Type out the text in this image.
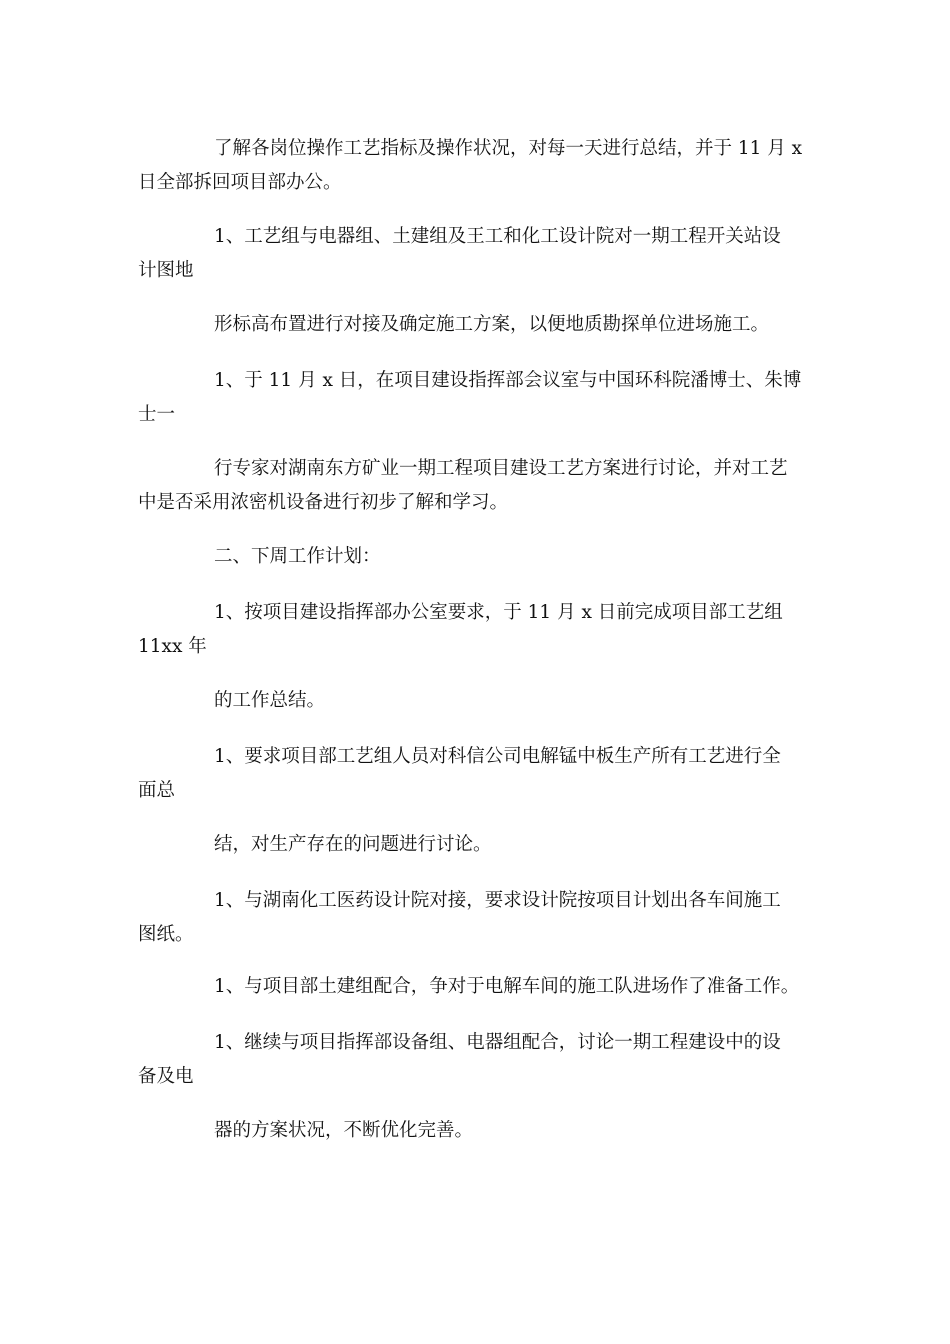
了解各岗位操作工艺指标及操作状况，对每一天进行总结，并于 11 月 x
日全部拆回项目部办公。

1、工艺组与电器组、土建组及王工和化工设计院对一期工程开关站设
计图地

形标高布置进行对接及确定施工方案，以便地质勘探单位进场施工。

1、于 11 月 x 日，在项目建设指挥部会议室与中国环科院潘博士、朱博
士一

行专家对湖南东方矿业一期工程项目建设工艺方案进行讨论，并对工艺
中是否采用浓密机设备进行初步了解和学习。

二、下周工作计划：

1、按项目建设指挥部办公室要求，于 11 月 x 日前完成项目部工艺组
11xx 年

的工作总结。

1、要求项目部工艺组人员对科信公司电解锰中板生产所有工艺进行全
面总

结，对生产存在的问题进行讨论。

1、与湖南化工医药设计院对接，要求设计院按项目计划出各车间施工
图纸。

1、与项目部土建组配合，争对于电解车间的施工队进场作了准备工作。

1、继续与项目指挥部设备组、电器组配合，讨论一期工程建设中的设
备及电

器的方案状况，不断优化完善。
